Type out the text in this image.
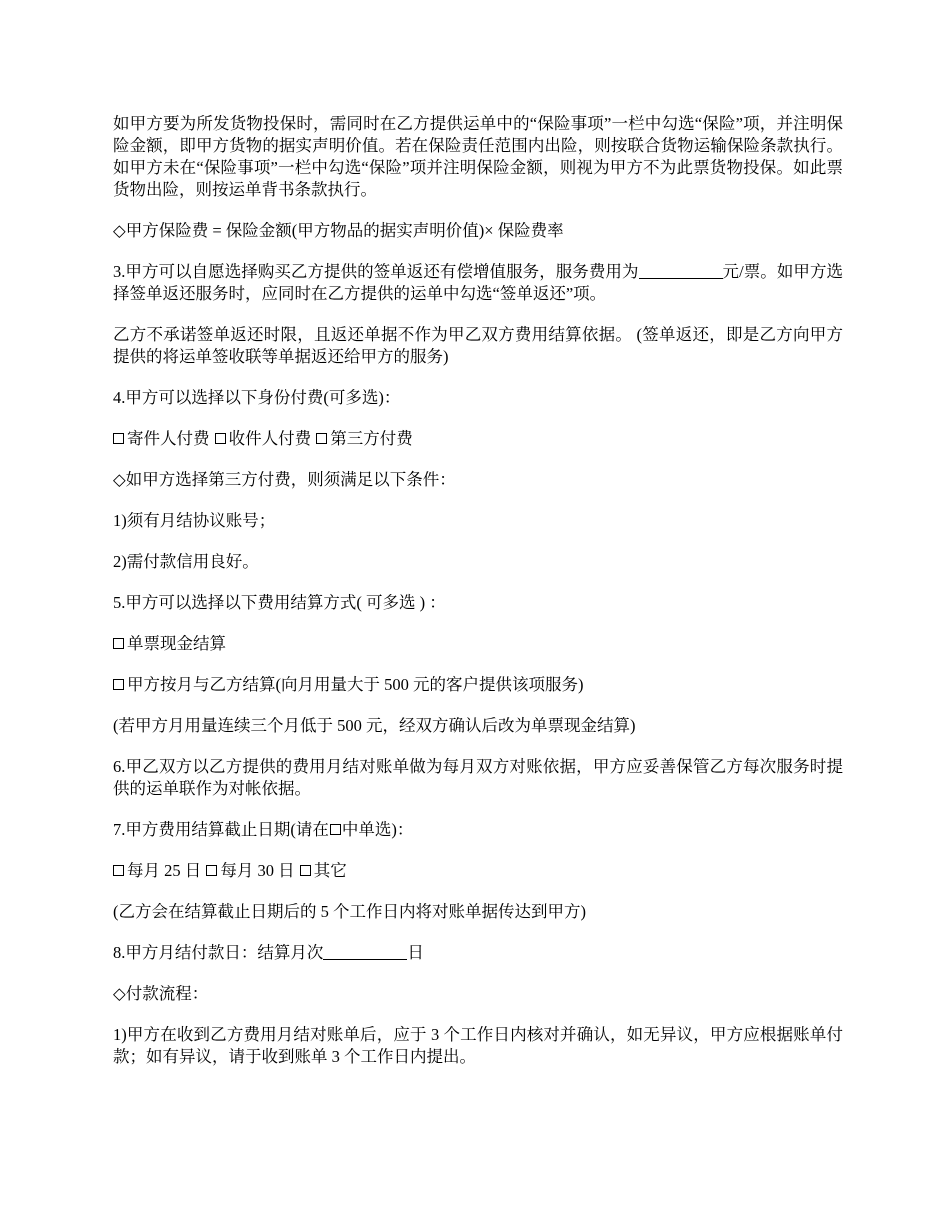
如甲方要为所发货物投保时，需同时在乙方提供运单中的“保险事项”一栏中勾选“保险”项，并注明保险金额，即甲方货物的据实声明价值。若在保险责任范围内出险，则按联合货物运输保险条款执行。如甲方未在“保险事项”一栏中勾选“保险”项并注明保险金额，则视为甲方不为此票货物投保。如此票货物出险，则按运单背书条款执行。

◇甲方保险费 = 保险金额(甲方物品的据实声明价值)× 保险费率

3.甲方可以自愿选择购买乙方提供的签单返还有偿增值服务，服务费用为	元/票。如甲方选择签单返还服务时，应同时在乙方提供的运单中勾选“签单返还”项。

乙方不承诺签单返还时限，且返还单据不作为甲乙双方费用结算依据。 (签单返还，即是乙方向甲方提供的将运单签收联等单据返还给甲方的服务)

4.甲方可以选择以下身份付费(可多选)：

寄件人付费 收件人付费 第三方付费

◇如甲方选择第三方付费，则须满足以下条件：

1)须有月结协议账号；

2)需付款信用良好。

5.甲方可以选择以下费用结算方式( 可多选 ) ：

单票现金结算

甲方按月与乙方结算(向月用量大于 500 元的客户提供该项服务)

(若甲方月用量连续三个月低于 500 元，经双方确认后改为单票现金结算)

6.甲乙双方以乙方提供的费用月结对账单做为每月双方对账依据，甲方应妥善保管乙方每次服务时提供的运单联作为对帐依据。

7.甲方费用结算截止日期(请在 中单选)：

每月 25 日 每月 30 日 其它

(乙方会在结算截止日期后的 5 个工作日内将对账单据传达到甲方)

8.甲方月结付款日：结算月次	日

◇付款流程：

1)甲方在收到乙方费用月结对账单后，应于 3 个工作日内核对并确认，如无异议，甲方应根据账单付款；如有异议，请于收到账单 3 个工作日内提出。
